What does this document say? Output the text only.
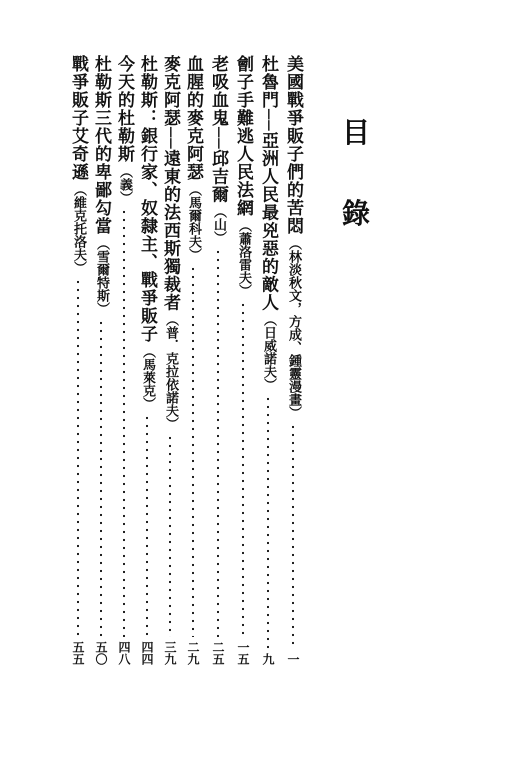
目
錄
美國戰爭販子們的苦悶
（林淡秋文，方成、鍾靈漫畫）
一
杜魯門──亞洲人民最兇惡的敵人
（日威諾夫）
九
劊子手難逃人民法網
（蕭洛雷夫）
一五
老吸血鬼──邱吉爾
（山）
二五
血腥的麥克阿瑟
（馬爾科夫）
二九
麥克阿瑟──遠東的法西斯獨裁者
（普．克拉依諾夫）
三九
杜勒斯：銀行家、奴隸主、戰爭販子
（馬萊克）
四四
今天的杜勒斯
（義）
四八
杜勒斯三代的卑鄙勾當
（雪爾特斯）
五〇
戰爭販子艾奇遜
（維克托洛夫）
五五
